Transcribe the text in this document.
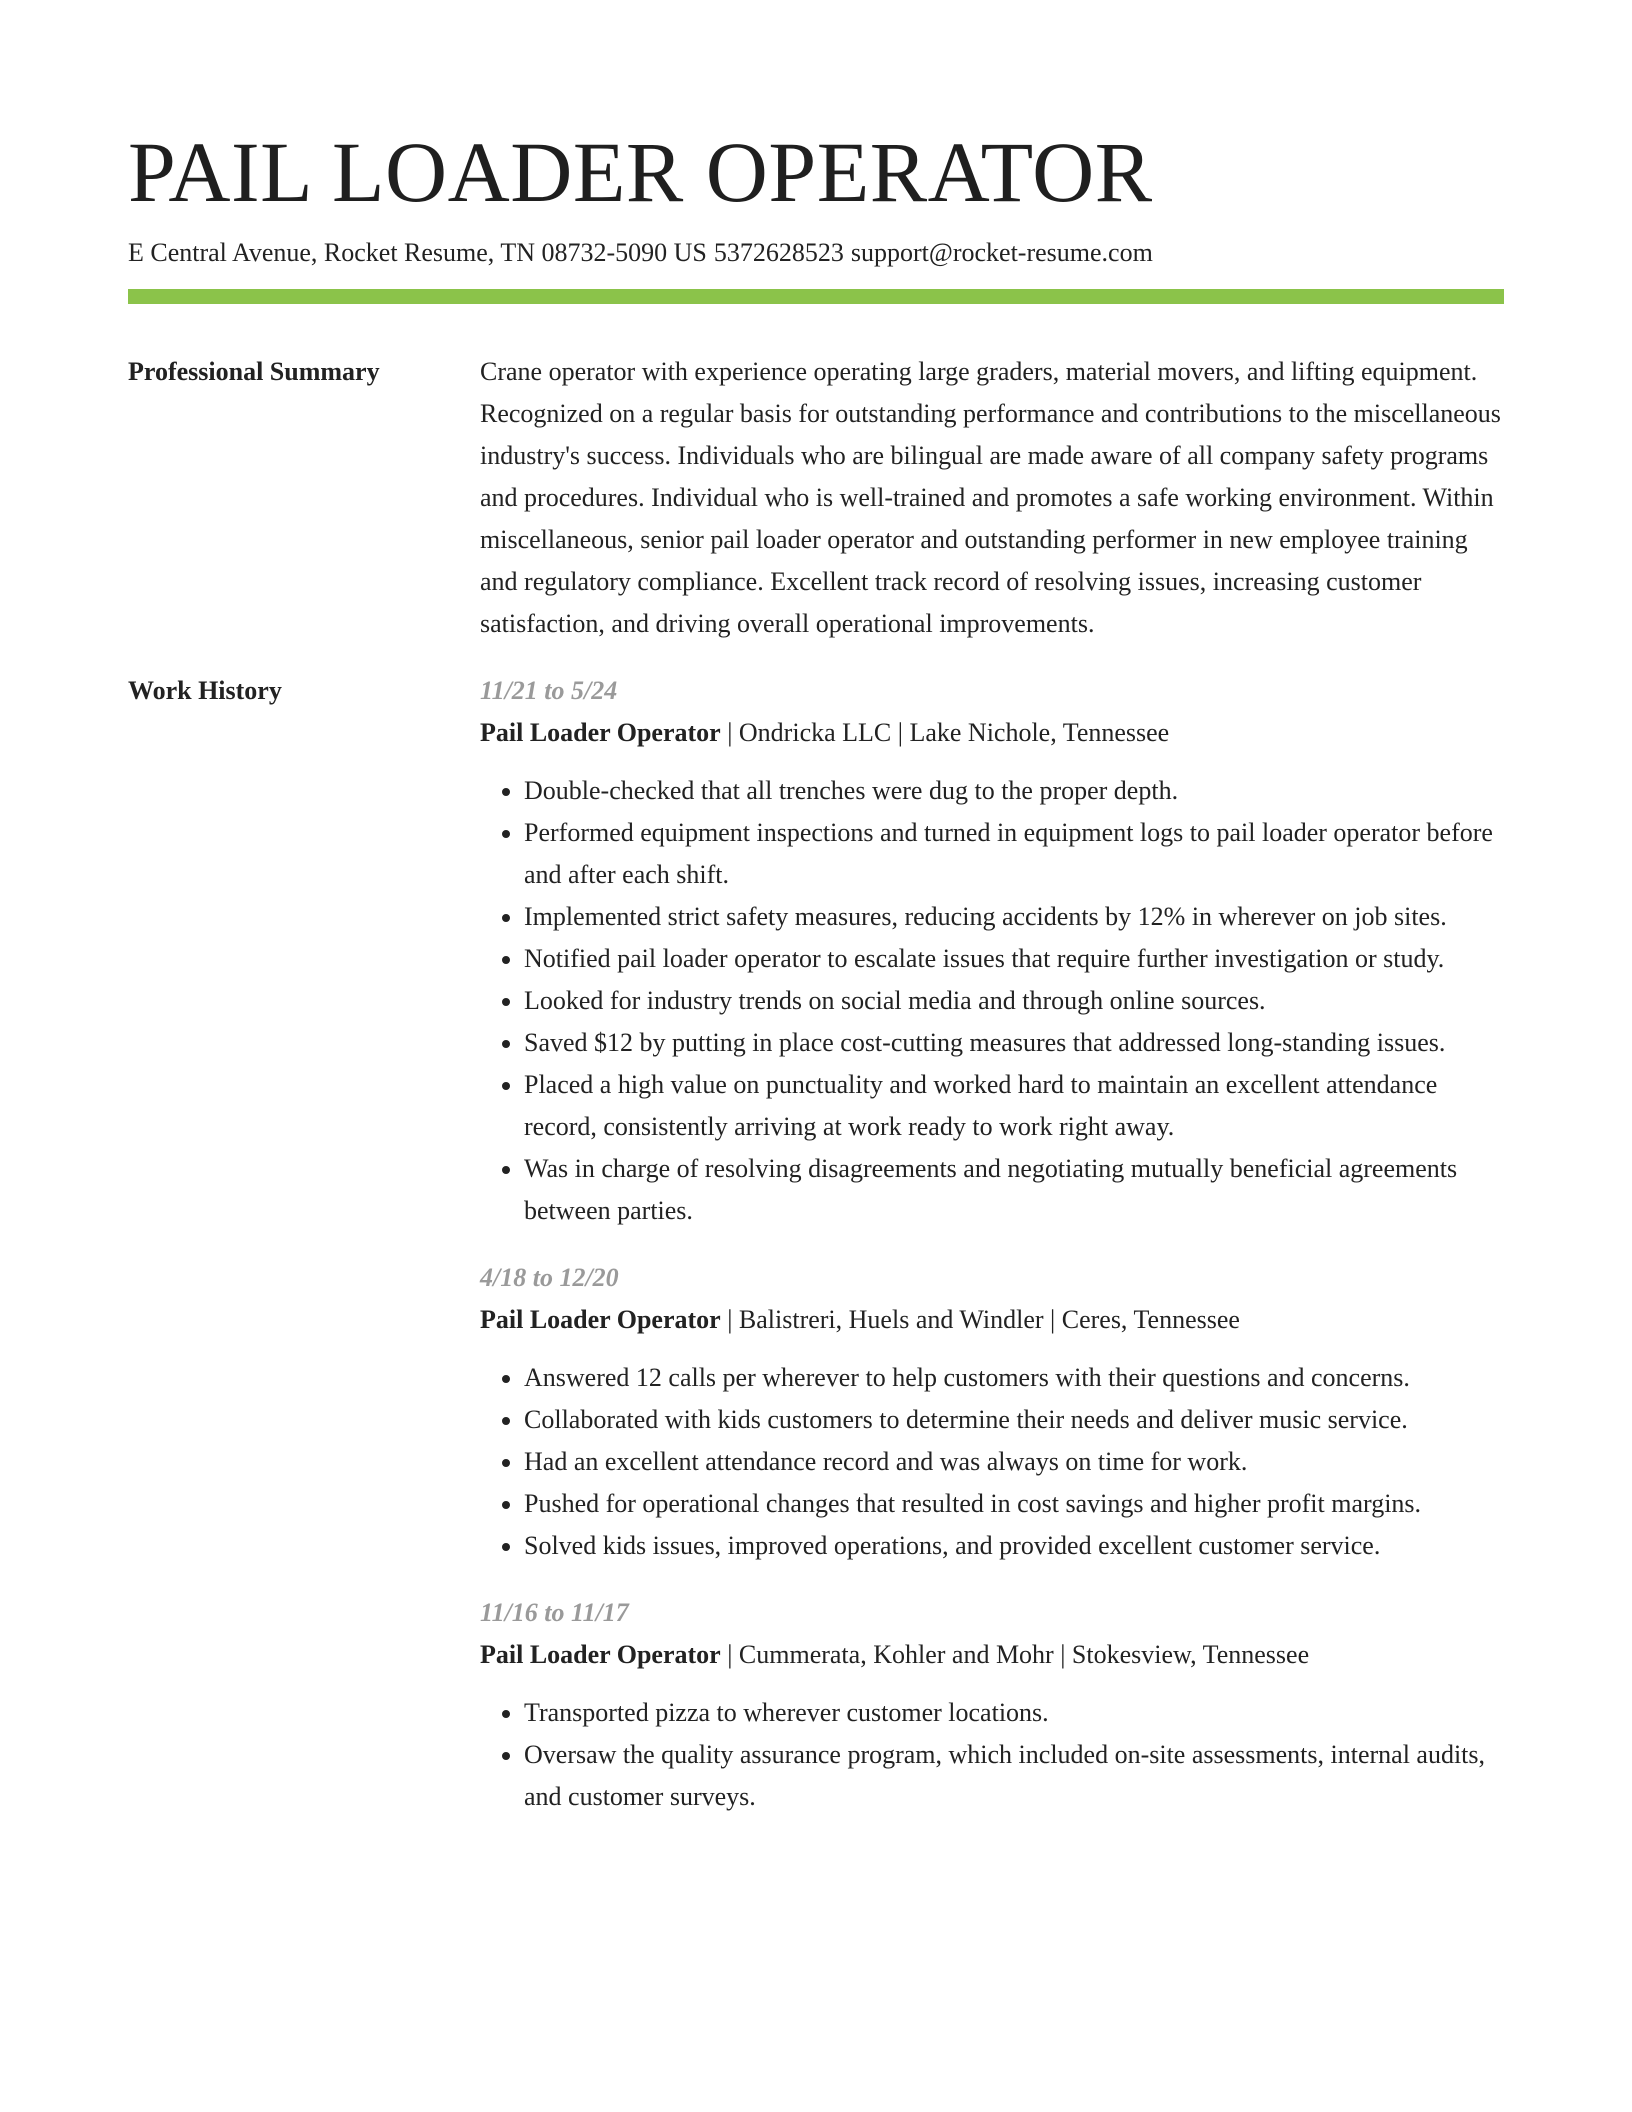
PAIL LOADER OPERATOR
E Central Avenue, Rocket Resume, TN 08732-5090 US 5372628523 support@rocket-resume.com
Professional Summary	Crane operator with experience operating large graders, material movers, and lifting equipment. Recognized on a regular basis for outstanding performance and contributions to the miscellaneous industry's success. Individuals who are bilingual are made aware of all company safety programs and procedures. Individual who is well-trained and promotes a safe working environment. Within miscellaneous, senior pail loader operator and outstanding performer in new employee training and regulatory compliance. Excellent track record of resolving issues, increasing customer satisfaction, and driving overall operational improvements.

Work History	11/21 to 5/24
Pail Loader Operator | Ondricka LLC | Lake Nichole, Tennessee
• Double-checked that all trenches were dug to the proper depth.
• Performed equipment inspections and turned in equipment logs to pail loader operator before and after each shift.
• Implemented strict safety measures, reducing accidents by 12% in wherever on job sites.
• Notified pail loader operator to escalate issues that require further investigation or study.
• Looked for industry trends on social media and through online sources.
• Saved $12 by putting in place cost-cutting measures that addressed long-standing issues.
• Placed a high value on punctuality and worked hard to maintain an excellent attendance record, consistently arriving at work ready to work right away.
• Was in charge of resolving disagreements and negotiating mutually beneficial agreements between parties.
4/18 to 12/20
Pail Loader Operator | Balistreri, Huels and Windler | Ceres, Tennessee
• Answered 12 calls per wherever to help customers with their questions and concerns.
• Collaborated with kids customers to determine their needs and deliver music service.
• Had an excellent attendance record and was always on time for work.
• Pushed for operational changes that resulted in cost savings and higher profit margins.
• Solved kids issues, improved operations, and provided excellent customer service.
11/16 to 11/17
Pail Loader Operator | Cummerata, Kohler and Mohr | Stokesview, Tennessee
• Transported pizza to wherever customer locations.
• Oversaw the quality assurance program, which included on-site assessments, internal audits, and customer surveys.
